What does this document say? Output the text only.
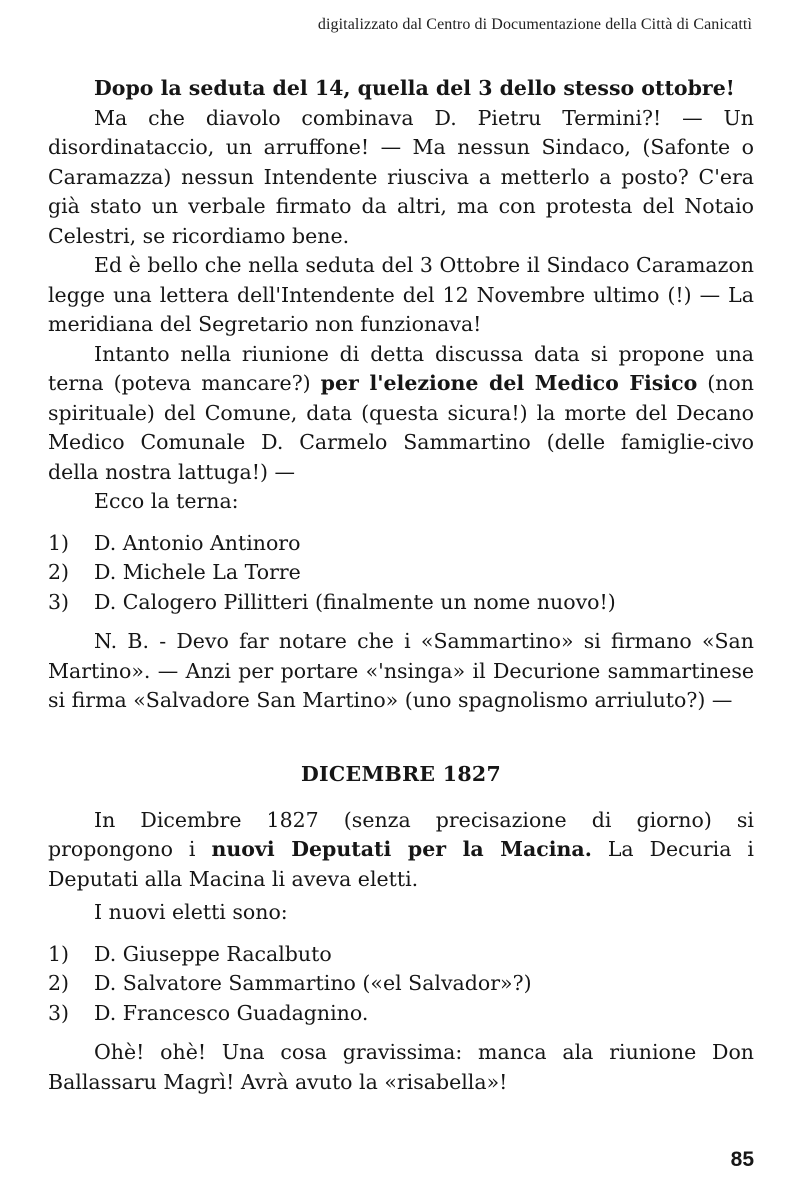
digitalizzato dal Centro di Documentazione della Città di Canicattì

Dopo la seduta del 14, quella del 3 dello stesso ottobre!

Ma che diavolo combinava D. Pietru Termini?! — Un disordinataccio, un arruffone! — Ma nessun Sindaco, (Safonte o Caramazza) nessun Intendente riusciva a metterlo a posto? C'era già stato un verbale firmato da altri, ma con protesta del Notaio Celestri, se ricordiamo bene.

Ed è bello che nella seduta del 3 Ottobre il Sindaco Caramazon legge una lettera dell'Intendente del 12 Novembre ultimo (!) — La meridiana del Segretario non funzionava!

Intanto nella riunione di detta discussa data si propone una terna (poteva mancare?) per l'elezione del Medico Fisico (non spirituale) del Comune, data (questa sicura!) la morte del Decano Medico Comunale D. Carmelo Sammartino (delle famiglie-civo della nostra lattuga!) —

Ecco la terna:

1)	D. Antonio Antinoro
2)	D. Michele La Torre
3)	D. Calogero Pillitteri (finalmente un nome nuovo!)

N. B. - Devo far notare che i «Sammartino» si firmano «San Martino». — Anzi per portare «'nsinga» il Decurione sammartinese si firma «Salvadore San Martino» (uno spagnolismo arriuluto?) —

DICEMBRE 1827

In Dicembre 1827 (senza precisazione di giorno) si propongono i nuovi Deputati per la Macina. La Decuria i Deputati alla Macina li aveva eletti.

I nuovi eletti sono:

1)	D. Giuseppe Racalbuto
2)	D. Salvatore Sammartino («el Salvador»?)
3)	D. Francesco Guadagnino.

Ohè! ohè! Una cosa gravissima: manca ala riunione Don Ballassaru Magrì! Avrà avuto la «risabella»!

85
